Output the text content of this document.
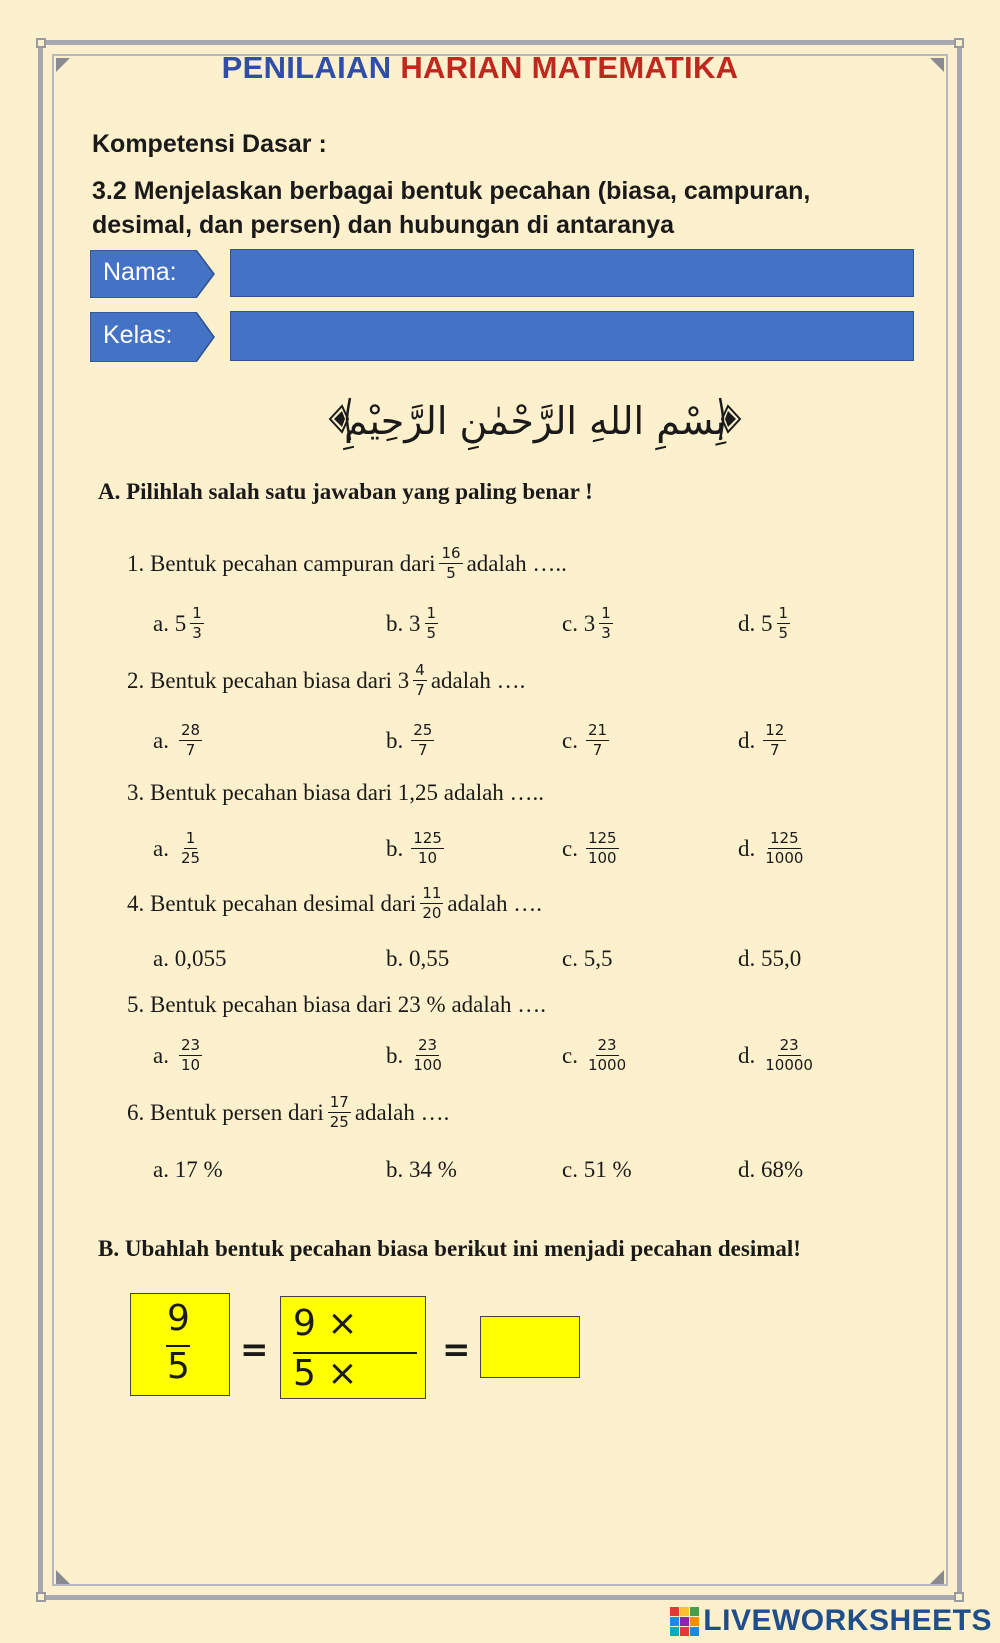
PENILAIAN HARIAN MATEMATIKA
Kompetensi Dasar :
3.2 Menjelaskan berbagai bentuk pecahan (biasa, campuran,
desimal, dan persen) dan hubungan di antaranya
Nama:
Kelas:
بِسْمِ اللهِ الرَّحْمٰنِ الرَّحِيْمِ
A. Pilihlah salah satu jawaban yang paling benar !
1. Bentuk pecahan campuran dari $\frac{16}{5}$ adalah …..
a.
$5 \frac{1}{3}$	b.
$3 \frac{1}{5}$	c.
$3 \frac{1}{3}$	d.
$5 \frac{1}{5}$
2. Bentuk pecahan biasa dari
$3 \frac{4}{7}$ adalah ….
a. $\frac{28}{7}$	b. $\frac{25}{7}$	c. $\frac{21}{7}$	d. $\frac{12}{7}$
3. Bentuk pecahan biasa dari 1,25 adalah …..
a. $\frac{1}{25}$	b. $\frac{125}{10}$	c. $\frac{125}{100}$	d. $\frac{125}{1000}$
4. Bentuk pecahan desimal dari $\frac{11}{20}$ adalah ….
a. 0,055	b. 0,55	c. 5,5	d. 55,0
5. Bentuk pecahan biasa dari 23 % adalah ….
a. $\frac{23}{10}$	b. $\frac{23}{100}$	c. $\frac{23}{1000}$	d. $\frac{23}{10000}$
6. Bentuk persen dari $\frac{17}{25}$ adalah ….
a. 17 %	b. 34 %	c. 51 %	d. 68%
B. Ubahlah bentuk pecahan biasa berikut ini menjadi pecahan desimal!
9
5 =
9 ×
5 ×
=
LIVEWORKSHEETS
